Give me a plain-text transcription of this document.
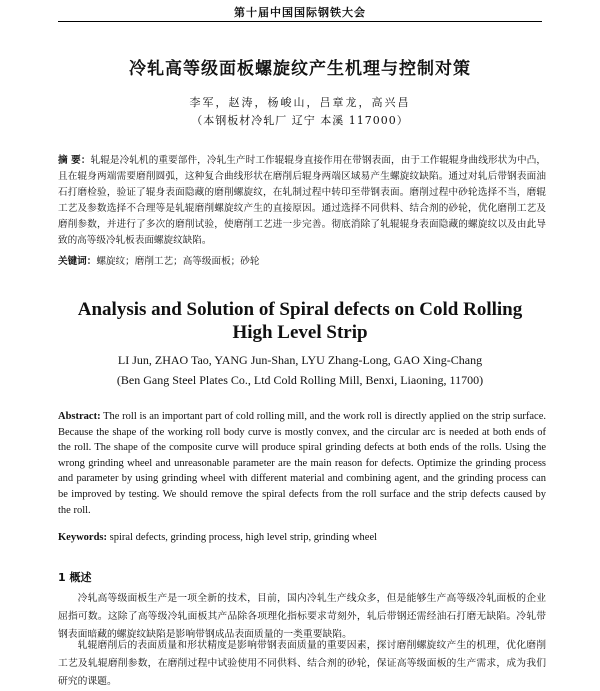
第十届中国国际钢铁大会
冷轧高等级面板螺旋纹产生机理与控制对策
李军，赵涛，杨峻山，吕章龙，高兴昌
（本钢板材冷轧厂 辽宁 本溪 117000）
摘 要：轧辊是冷轧机的重要部件，冷轧生产时工作辊辊身直接作用在带钢表面，由于工作辊辊身曲线形状为中凸，且在辊身两端需要磨削圆弧，这种复合曲线形状在磨削后辊身两端区域易产生螺旋纹缺陷。通过对轧后带钢表面油石打磨检验，验证了辊身表面隐藏的磨削螺旋纹，在轧制过程中转印至带钢表面。磨削过程中砂轮选择不当，磨辊工艺及参数选择不合理等是轧辊磨削螺旋纹产生的直接原因。通过选择不同供料、结合剂的砂轮，优化磨削工艺及磨削参数，并进行了多次的磨削试验，使磨削工艺进一步完善。彻底消除了轧辊辊身表面隐藏的螺旋纹以及由此导致的高等级冷轧板表面螺旋纹缺陷。
关键词：螺旋纹；磨削工艺；高等级面板；砂轮
Analysis and Solution of Spiral defects on Cold Rolling High Level Strip
LI Jun, ZHAO Tao, YANG Jun-Shan, LYU Zhang-Long, GAO Xing-Chang
(Ben Gang Steel Plates Co., Ltd Cold Rolling Mill, Benxi, Liaoning, 11700)
Abstract: The roll is an important part of cold rolling mill, and the work roll is directly applied on the strip surface. Because the shape of the working roll body curve is mostly convex, and the circular arc is needed at both ends of the roll. The shape of the composite curve will produce spiral grinding defects at both ends of the rolls. Using the wrong grinding wheel and unreasonable parameter are the main reason for defects. Optimize the grinding process and parameter by using grinding wheel with different material and combining agent, and the grinding process can be improved by testing. We should remove the spiral defects from the roll surface and the strip defects caused by the roll.
Keywords: spiral defects, grinding process, high level strip, grinding wheel
1 概述
冷轧高等级面板生产是一项全新的技术，目前，国内冷轧生产线众多，但是能够生产高等级冷轧面板的企业屈指可数。这除了高等级冷轧面板其产品除各项理化指标要求苛刻外，轧后带钢还需经油石打磨无缺陷。冷轧带钢表面暗藏的螺旋纹缺陷是影响带钢成品表面质量的一类重要缺陷。
轧辊磨削后的表面质量和形状精度是影响带钢表面质量的重要因素，探讨磨削螺旋纹产生的机理，优化磨削工艺及轧辊磨削参数，在磨削过程中试验使用不同供料、结合剂的砂轮，保证高等级面板的生产需求，成为我们研究的课题。
